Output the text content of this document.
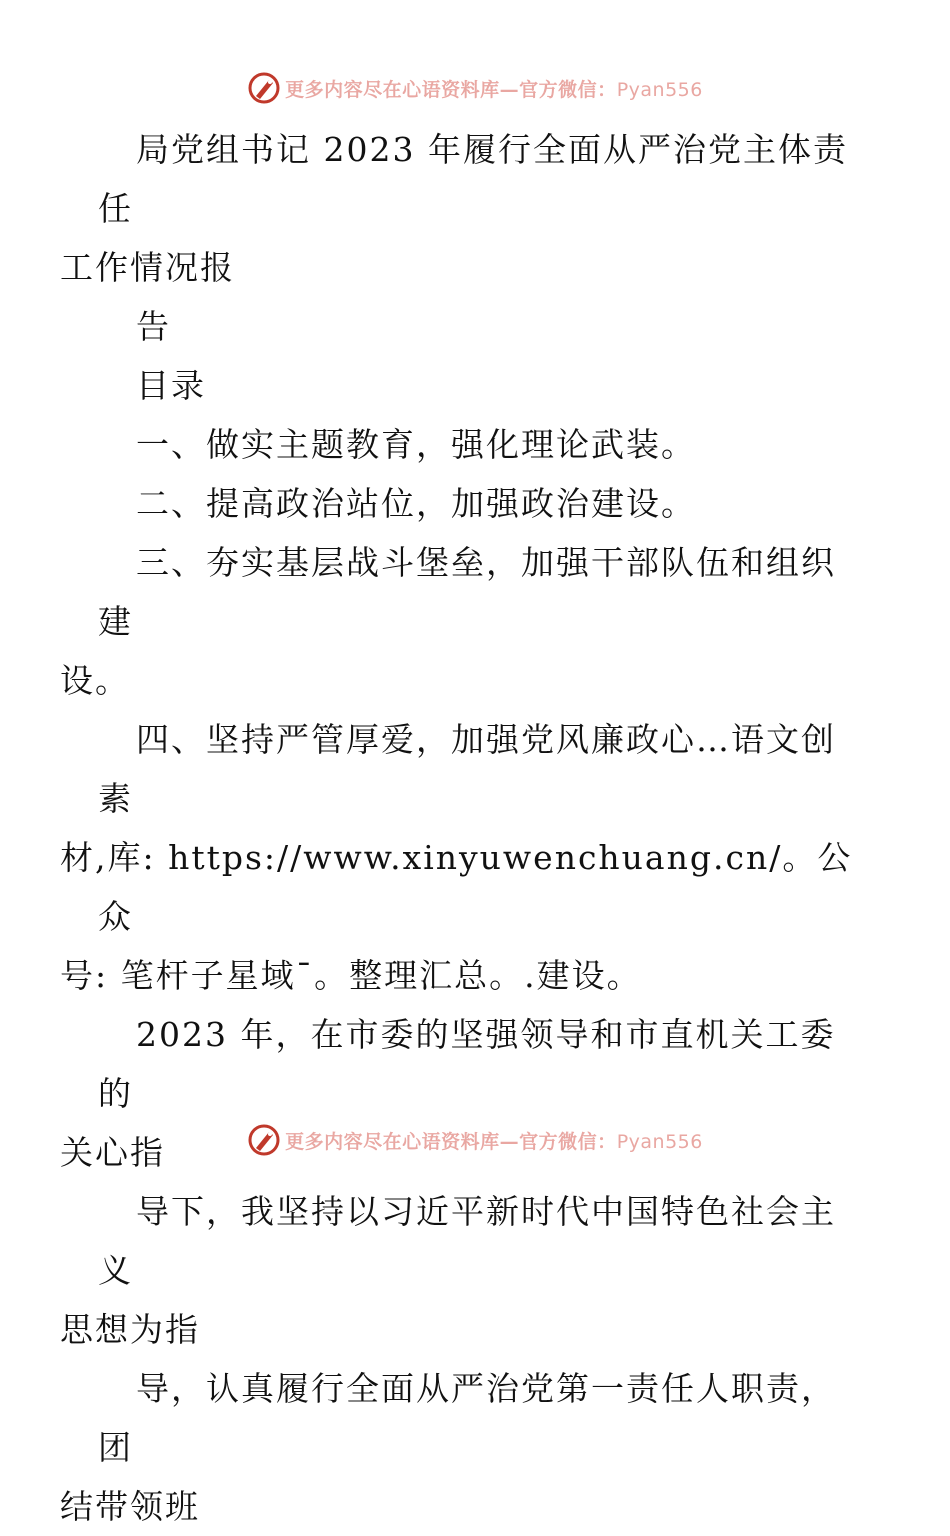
更多内容尽在心语资料库—官方微信：Pyan556

局党组书记 2023 年履行全面从严治党主体责任
工作情况报

告

目录

一、做实主题教育，强化理论武装。

二、提高政治站位，加强政治建设。

三、夯实基层战斗堡垒，加强干部队伍和组织建
设。

四、坚持严管厚爱，加强党风廉政心…语文创素
材,库: https://www.xinyuwenchuang.cn/。公众
号: 笔杆子星域¯。整理汇总。.建设。

2023 年，在市委的坚强领导和市直机关工委的
关心指

导下，我坚持以习近平新时代中国特色社会主义
思想为指

导，认真履行全面从严治党第一责任人职责，团
结带领班

更多内容尽在心语资料库—官方微信：Pyan556
